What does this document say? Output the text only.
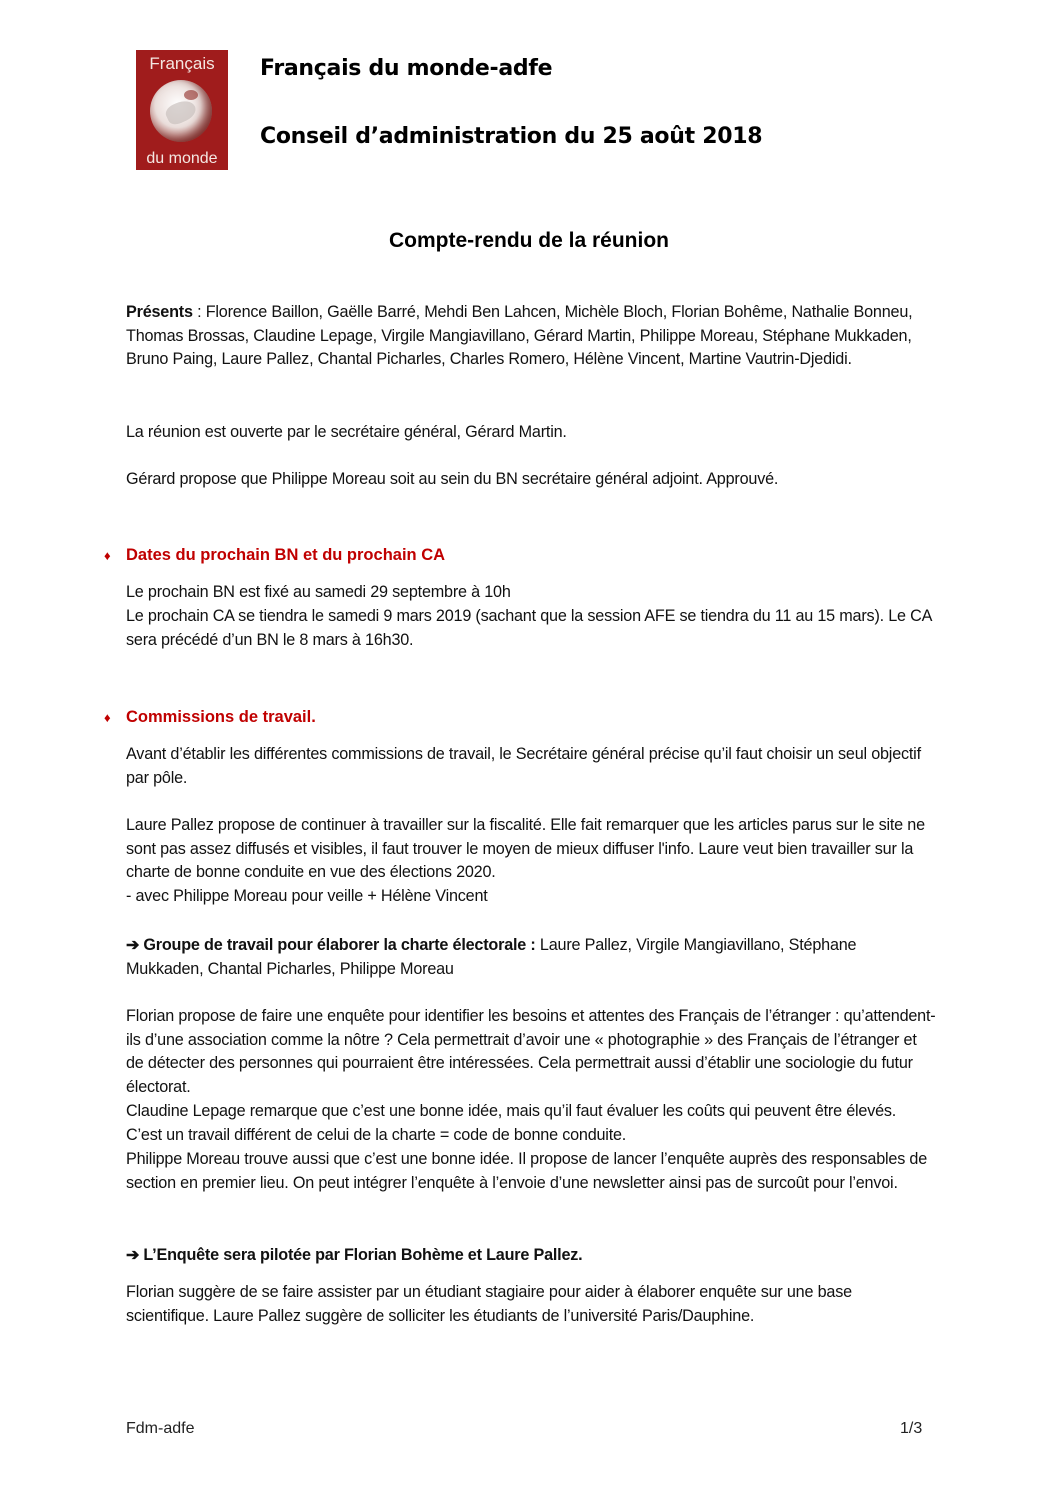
Français
du monde
Français du monde-adfe
Conseil d’administration du 25 août 2018
Compte-rendu de la réunion

Présents : Florence Baillon, Gaëlle Barré, Mehdi Ben Lahcen, Michèle Bloch, Florian Bohême, Nathalie Bonneu, Thomas Brossas, Claudine Lepage, Virgile Mangiavillano, Gérard Martin, Philippe Moreau, Stéphane Mukkaden, Bruno Paing, Laure Pallez, Chantal Picharles, Charles Romero, Hélène Vincent, Martine Vautrin-Djedidi.

La réunion est ouverte par le secrétaire général, Gérard Martin.

Gérard propose que Philippe Moreau soit au sein du BN secrétaire général adjoint. Approuvé.

♦ Dates du prochain BN et du prochain CA

Le prochain BN est fixé au samedi 29 septembre à 10h

Le prochain CA se tiendra le samedi 9 mars 2019 (sachant que la session AFE se tiendra du 11 au 15 mars). Le CA sera précédé d’un BN le 8 mars à 16h30.

♦ Commissions de travail.

Avant d’établir les différentes commissions de travail, le Secrétaire général précise qu’il faut choisir un seul objectif par pôle.

Laure Pallez propose de continuer à travailler sur la fiscalité. Elle fait remarquer que les articles parus sur le site ne sont pas assez diffusés et visibles, il faut trouver le moyen de mieux diffuser l'info. Laure veut bien travailler sur la charte de bonne conduite en vue des élections 2020.

- avec Philippe Moreau pour veille + Hélène Vincent

➔ Groupe de travail pour élaborer la charte électorale : Laure Pallez, Virgile Mangiavillano, Stéphane Mukkaden, Chantal Picharles, Philippe Moreau

Florian propose de faire une enquête pour identifier les besoins et attentes des Français de l’étranger : qu’attendent-ils d’une association comme la nôtre ? Cela permettrait d’avoir une « photographie » des Français de l’étranger et de détecter des personnes qui pourraient être intéressées. Cela permettrait aussi d’établir une sociologie du futur électorat.

Claudine Lepage remarque que c’est une bonne idée, mais qu’il faut évaluer les coûts qui peuvent être élevés. C’est un travail différent de celui de la charte = code de bonne conduite.

Philippe Moreau trouve aussi que c’est une bonne idée. Il propose de lancer l’enquête auprès des responsables de section en premier lieu. On peut intégrer l’enquête à l’envoie d’une newsletter ainsi pas de surcoût pour l’envoi.

➔ L’Enquête sera pilotée par Florian Bohème et Laure Pallez.

Florian suggère de se faire assister par un étudiant stagiaire pour aider à élaborer enquête sur une base scientifique. Laure Pallez suggère de solliciter les étudiants de l’université Paris/Dauphine.

Fdm-adfe	1/3
